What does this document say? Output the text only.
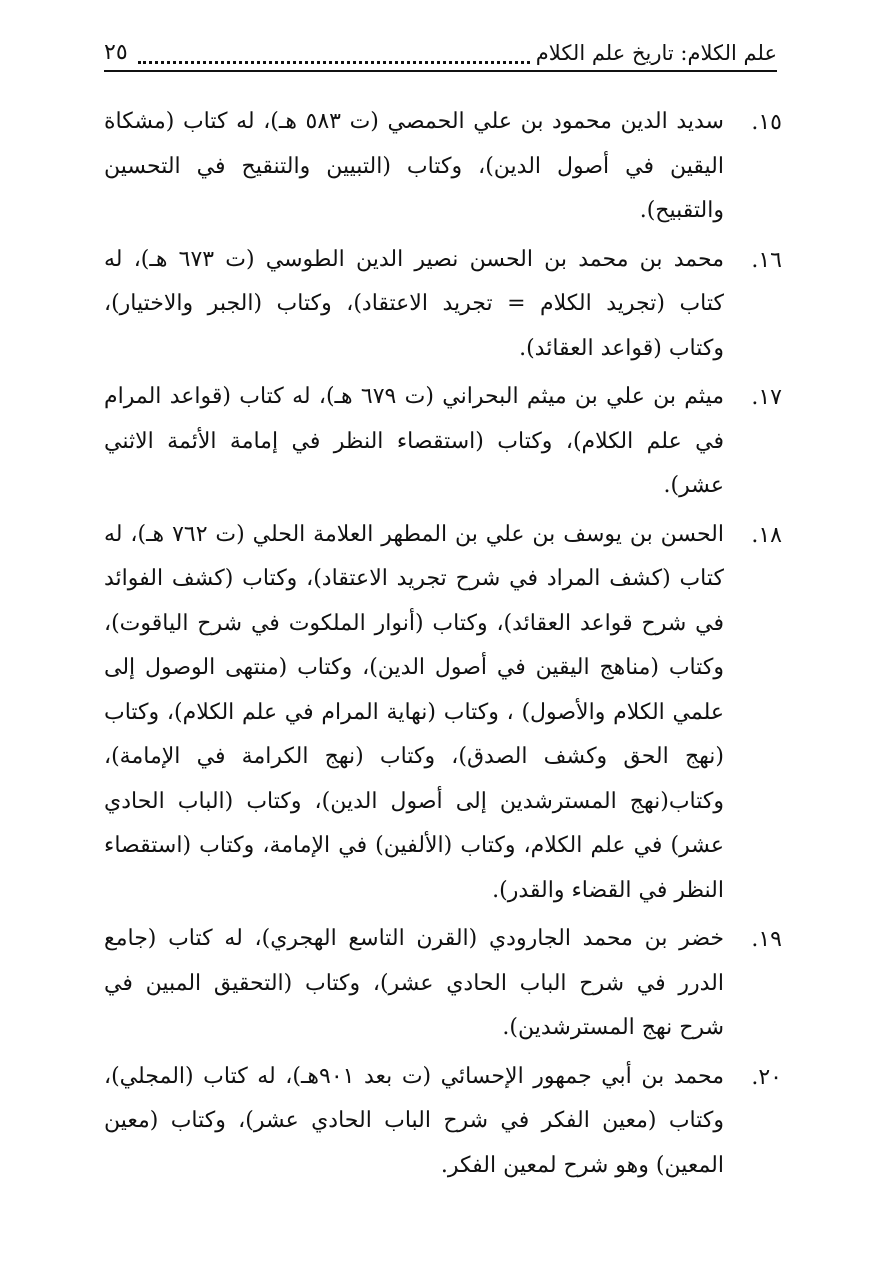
علم الكلام: تاريخ علم الكلام
٢٥
١٥.

سديد الدين محمود بن علي الحمصي (ت ٥٨٣ هـ)، له كتاب (مشكاة اليقين في أصول الدين)، وكتاب (التبيين والتنقيح في التحسين والتقبيح).

١٦.

محمد بن محمد بن الحسن نصير الدين الطوسي (ت ٦٧٣ هـ)، له كتاب (تجريد الكلام = تجريد الاعتقاد)، وكتاب (الجبر والاختيار)، وكتاب (قواعد العقائد).

١٧.

ميثم بن علي بن ميثم البحراني (ت ٦٧٩ هـ)، له كتاب (قواعد المرام في علم الكلام)، وكتاب (استقصاء النظر في إمامة الأئمة الاثني عشر).

١٨.

الحسن بن يوسف بن علي بن المطهر العلامة الحلي (ت ٧٦٢ هـ)، له كتاب (كشف المراد في شرح تجريد الاعتقاد)، وكتاب (كشف الفوائد في شرح قواعد العقائد)، وكتاب (أنوار الملكوت في شرح الياقوت)، وكتاب (مناهج اليقين في أصول الدين)، وكتاب (منتهى الوصول إلى علمي الكلام والأصول) ، وكتاب (نهاية المرام في علم الكلام)، وكتاب (نهج الحق وكشف الصدق)، وكتاب (نهج الكرامة في الإمامة)، وكتاب(نهج المسترشدين إلى أصول الدين)، وكتاب (الباب الحادي عشر) في علم الكلام، وكتاب (الألفين) في الإمامة، وكتاب (استقصاء النظر في القضاء والقدر).

١٩.

خضر بن محمد الجارودي (القرن التاسع الهجري)، له كتاب (جامع الدرر في شرح الباب الحادي عشر)، وكتاب (التحقيق المبين في شرح نهج المسترشدين).

٢٠.

محمد بن أبي جمهور الإحسائي (ت بعد ٩٠١هـ)، له كتاب (المجلي)، وكتاب (معين الفكر في شرح الباب الحادي عشر)، وكتاب (معين المعين) وهو شرح لمعين الفكر.
